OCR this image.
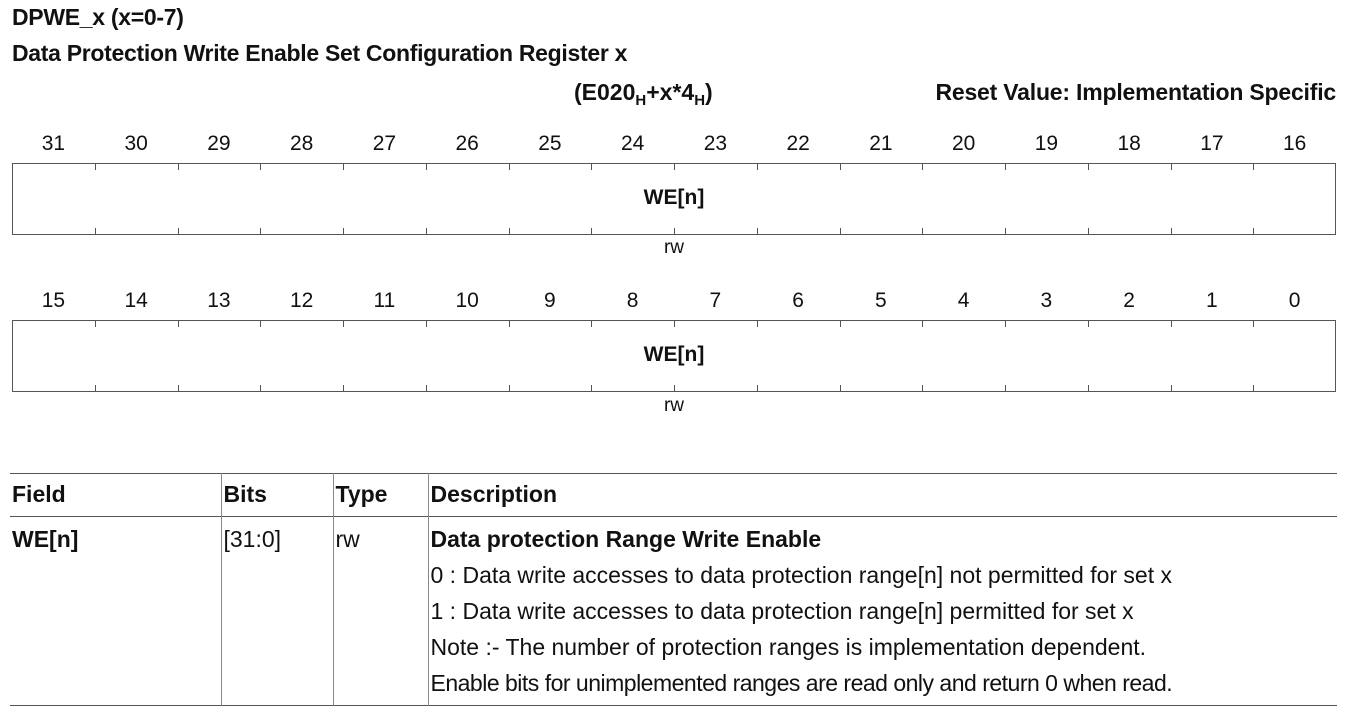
DPWE_x (x=0-7)
Data Protection Write Enable Set Configuration Register x
$(E020_H+x*4_H)$	Reset Value: Implementation Specific
31	30	29	28	27	26	25	24	23	22	21	20	19	18	17	16
WE[n]
rw
15	14	13	12	11	10	9	8	7	6	5	4	3	2	1	0
WE[n]
rw
Field	Bits	Type	Description
WE[n]	[31:0]	rw	Data protection Range Write Enable
0 : Data write accesses to data protection range[n] not permitted for set x
1 : Data write accesses to data protection range[n] permitted for set x
Note :- The number of protection ranges is implementation dependent.
Enable bits for unimplemented ranges are read only and return 0 when read.
